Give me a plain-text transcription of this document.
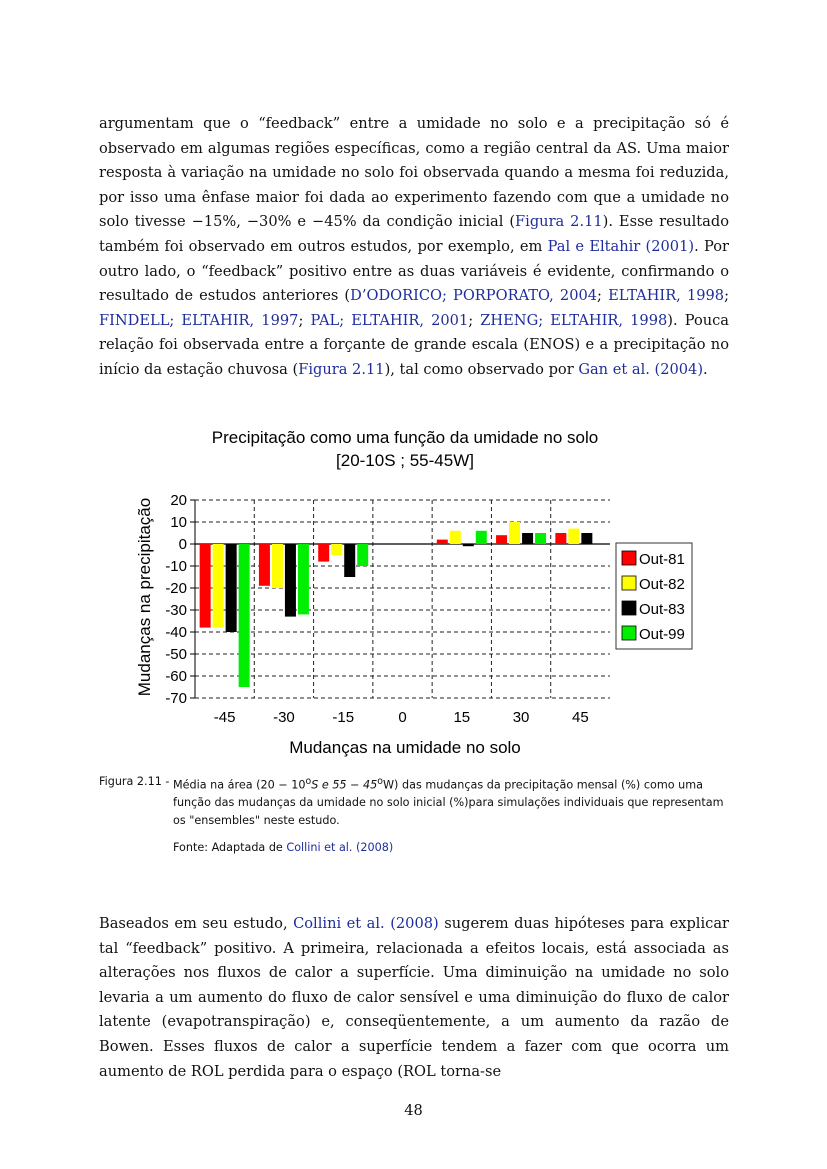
argumentam que o “feedback” entre a umidade no solo e a precipitação só é observado em algumas regiões específicas, como a região central da AS. Uma maior resposta à variação na umidade no solo foi observada quando a mesma foi reduzida, por isso uma ênfase maior foi dada ao experimento fazendo com que a umidade no solo tivesse −15%, −30% e −45% da condição inicial (Figura 2.11). Esse resultado também foi observado em outros estudos, por exemplo, em Pal e Eltahir (2001). Por outro lado, o “feedback” positivo entre as duas variáveis é evidente, confirmando o resultado de estudos anteriores (D’ODORICO; PORPORATO, 2004; ELTAHIR, 1998; FINDELL; ELTAHIR, 1997; PAL; ELTAHIR, 2001; ZHENG; ELTAHIR, 1998). Pouca relação foi observada entre a forçante de grande escala (ENOS) e a precipitação no início da estação chuvosa (Figura 2.11), tal como observado por Gan et al. (2004).

Precipitação como uma função da umidade no solo
[20-10S ; 55-45W]
20
10
0
-10
-20
-30
-40
-50
-60
-70
-45	-30	-15	0	15	30	45
Mudanças na umidade no solo
Mudanças na precipitação	Out-81
Out-82
Out-83
Out-99
Figura 2.11 - Média na área ($20 - 10^oS$ e $55 - 45^oW$) das mudanças da precipitação mensal (%) como uma função das mudanças da umidade no solo inicial (%)para simulações individuais que representam os "ensembles" neste estudo.
Fonte: Adaptada de Collini et al. (2008)

Baseados em seu estudo, Collini et al. (2008) sugerem duas hipóteses para explicar tal “feedback” positivo. A primeira, relacionada a efeitos locais, está associada as alterações nos fluxos de calor a superfície. Uma diminuição na umidade no solo levaria a um aumento do fluxo de calor sensível e uma diminuição do fluxo de calor latente (evapotranspiração) e, conseqüentemente, a um aumento da razão de Bowen. Esses fluxos de calor a superfície tendem a fazer com que ocorra um aumento de ROL perdida para o espaço (ROL torna-se

48
